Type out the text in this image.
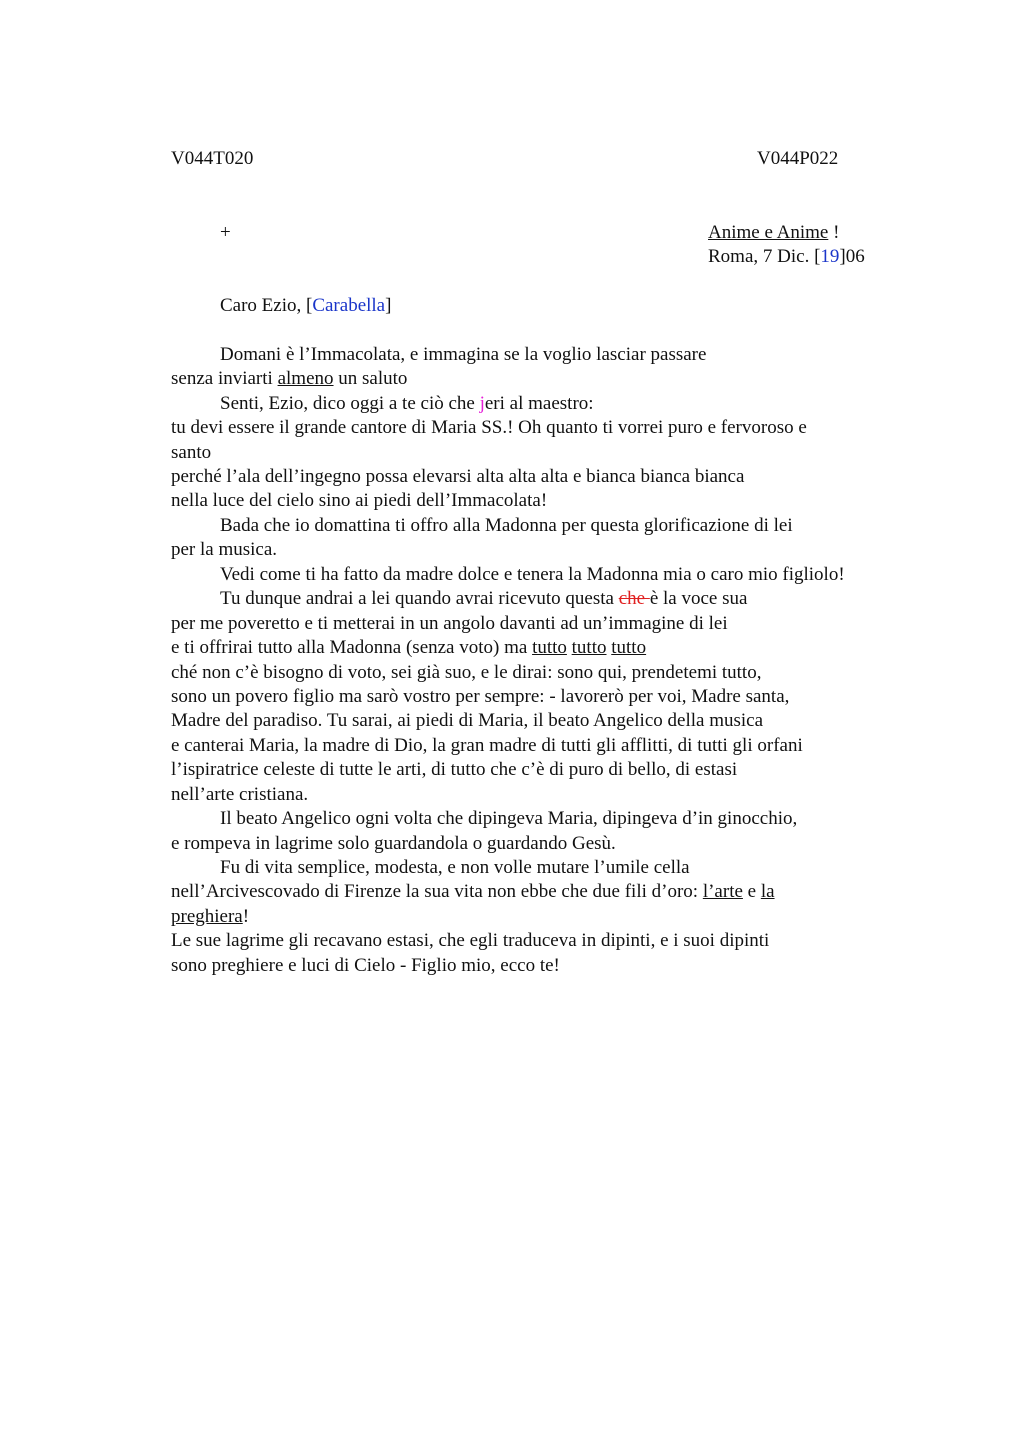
V044T020	V044P022
+	Anime e Anime !
Roma, 7 Dic. [19]06
Caro Ezio, [Carabella]
Domani è l’Immacolata, e immagina se la voglio lasciar passare
senza inviarti almeno un saluto
Senti, Ezio, dico oggi a te ciò che jeri al maestro:
tu devi essere il grande cantore di Maria SS.! Oh quanto ti vorrei puro e fervoroso e
santo
perché l’ala dell’ingegno possa elevarsi alta alta alta e bianca bianca bianca
nella luce del cielo sino ai piedi dell’Immacolata!
Bada che io domattina ti offro alla Madonna per questa glorificazione di lei
per la musica.
Vedi come ti ha fatto da madre dolce e tenera la Madonna mia o caro mio figliolo!
Tu dunque andrai a lei quando avrai ricevuto questa che è la voce sua
per me poveretto e ti metterai in un angolo davanti ad un’immagine di lei
e ti offrirai tutto alla Madonna (senza voto) ma tutto tutto tutto
ché non c’è bisogno di voto, sei già suo, e le dirai: sono qui, prendetemi tutto,
sono un povero figlio ma sarò vostro per sempre: - lavorerò per voi, Madre santa,
Madre del paradiso. Tu sarai, ai piedi di Maria, il beato Angelico della musica
e canterai Maria, la madre di Dio, la gran madre di tutti gli afflitti, di tutti gli orfani
l’ispiratrice celeste di tutte le arti, di tutto che c’è di puro di bello, di estasi
nell’arte cristiana.
Il beato Angelico ogni volta che dipingeva Maria, dipingeva d’in ginocchio,
e rompeva in lagrime solo guardandola o guardando Gesù.
Fu di vita semplice, modesta, e non volle mutare l’umile cella
nell’Arcivescovado di Firenze la sua vita non ebbe che due fili d’oro: l’arte e la
preghiera!
Le sue lagrime gli recavano estasi, che egli traduceva in dipinti, e i suoi dipinti
sono preghiere e luci di Cielo - Figlio mio, ecco te!
